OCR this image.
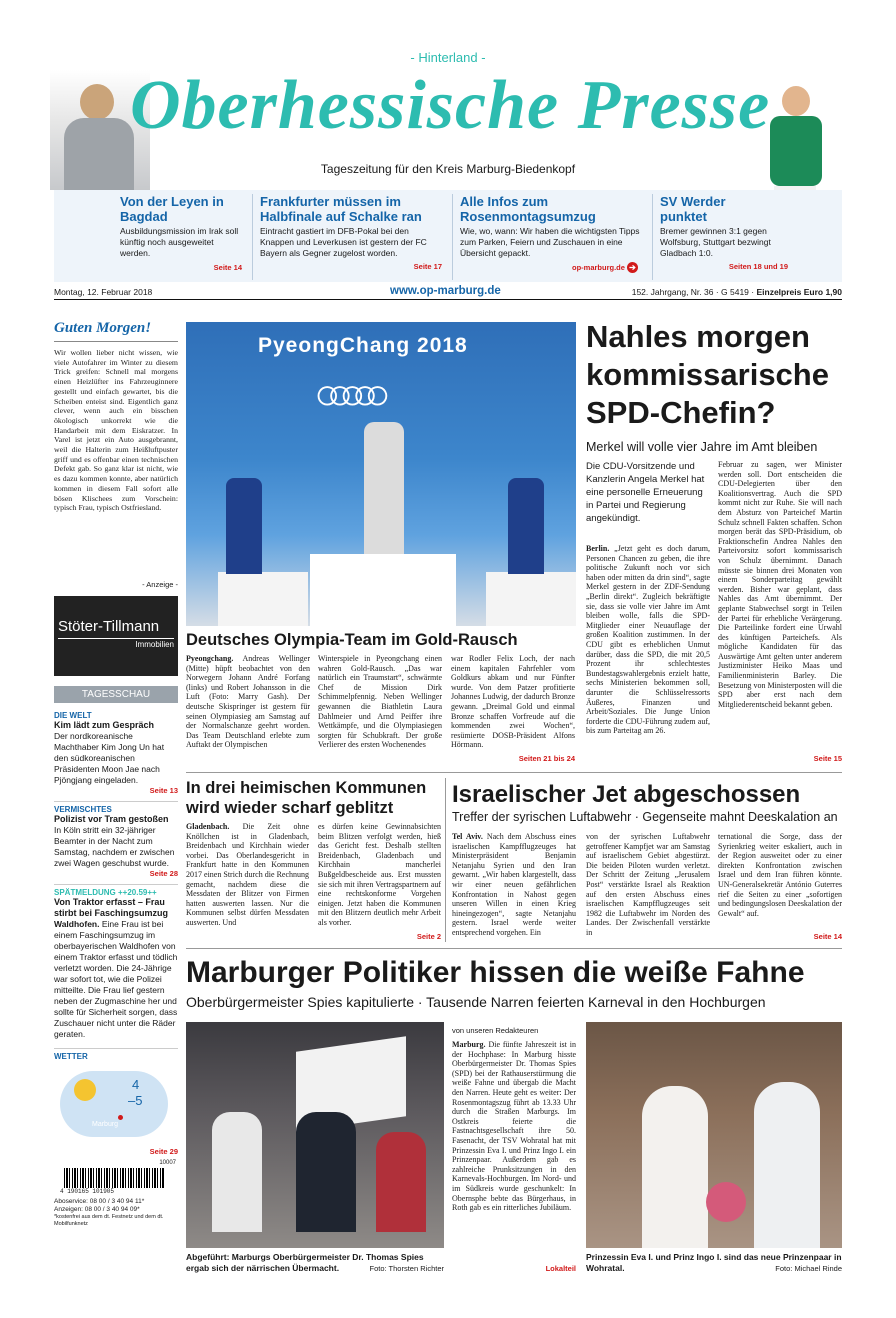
- Hinterland -
Oberhessische Presse
Tageszeitung für den Kreis Marburg-Biedenkopf
Von der Leyen in Bagdad
Ausbildungsmission im Irak soll künftig noch ausgeweitet werden.
Seite 14
Frankfurter müssen im Halbfinale auf Schalke ran
Eintracht gastiert im DFB-Pokal bei den Knappen und Leverkusen ist gestern der FC Bayern als Gegner zugelost worden.
Seite 17
Alle Infos zum Rosenmontagsumzug
Wie, wo, wann: Wir haben die wichtigsten Tipps zum Parken, Feiern und Zuschauen in eine Übersicht gepackt.
op-marburg.de ➔
SV Werder punktet
Bremer gewinnen 3:1 gegen Wolfsburg, Stuttgart bezwingt Gladbach 1:0.
Seiten 18 und 19
Montag, 12. Februar 2018	www.op-marburg.de	152. Jahrgang, Nr. 36 · G 5419 · Einzelpreis Euro 1,90
Guten Morgen!
Wir wollen lieber nicht wissen, wie viele Autofahrer im Winter zu diesem Trick greifen: Schnell mal morgens einen Heizlüfter ins Fahrzeuginnere gestellt und einfach gewartet, bis die Scheiben enteist sind. Eigentlich ganz clever, wenn auch ein bisschen ökologisch unkorrekt wie die Handarbeit mit dem Eiskratzer. In Varel ist jetzt ein Auto ausgebrannt, weil die Halterin zum Heißluftpuster griff und es offenbar einen technischen Defekt gab. So ganz klar ist nicht, wie es dazu kommen konnte, aber natürlich kommen in diesem Fall sofort alle bösen Klischees zum Vorschein: typisch Frau, typisch Ostfriesland.
- Anzeige -
Stöter-Tillmann
Immobilien
TAGESSCHAU
DIE WELT
Kim lädt zum Gespräch
Der nordkoreanische Machthaber Kim Jong Un hat den südkoreanischen Präsidenten Moon Jae nach Pjöngjang eingeladen.
Seite 13
VERMISCHTES
Polizist vor Tram gestoßen
In Köln stritt ein 32-jähriger Beamter in der Nacht zum Samstag, nachdem er zwischen zwei Wagen geschubst wurde.
Seite 28
SPÄTMELDUNG ++20.59++
Von Traktor erfasst – Frau stirbt bei Faschingsumzug
Waldhofen. Eine Frau ist bei einem Faschingsumzug im oberbayerischen Waldhofen von einem Traktor erfasst und tödlich verletzt worden. Die 24-Jährige war sofort tot, wie die Polizei mitteilte. Die Frau lief gestern neben der Zugmaschine her und sollte für Sicherheit sorgen, dass Zuschauer nicht unter die Räder geraten.
WETTER
4
–5
Marburg
Seite 29
10007
4 190165 101905
Aboservice: 08 00 / 3 40 94 11*
Anzeigen: 08 00 / 3 40 94 09*
*kostenfrei aus dem dt. Festnetz und dem dt. Mobilfunknetz
PyeongChang 2018
○○○○○
Deutsches Olympia-Team im Gold-Rausch
Pyeongchang. Andreas Wellinger (Mitte) hüpft beobachtet von den Norwegern Johann André Forfang (links) und Robert Johansson in die Luft (Foto: Marry Gash). Der deutsche Skispringer ist gestern für seinen Olympiasieg am Samstag auf der Normalschanze geehrt worden. Das Team Deutschland erlebte zum Auftakt der Olympischen
Winterspiele in Pyeongchang einen wahren Gold-Rausch. „Das war natürlich ein Traumstart“, schwärmte Chef de Mission Dirk Schimmelpfennig. Neben Wellinger gewannen die Biathletin Laura Dahlmeier und Arnd Peiffer ihre Wettkämpfe, und die Olympiasiegen sorgten für Schubkraft. Der große Verlierer des ersten Wochenendes
war Rodler Felix Loch, der nach einem kapitalen Fahrfehler vom Goldkurs abkam und nur Fünfter wurde. Von dem Patzer profitierte Johannes Ludwig, der dadurch Bronze gewann. „Dreimal Gold und einmal Bronze schaffen Vorfreude auf die kommenden zwei Wochen“, resümierte DOSB-Präsident Alfons Hörmann.
Seiten 21 bis 24
Nahles morgen kommissarische SPD-Chefin?
Merkel will volle vier Jahre im Amt bleiben
Die CDU-Vorsitzende und Kanzlerin Angela Merkel hat eine personelle Erneuerung in Partei und Regierung angekündigt.
Berlin. „Jetzt geht es doch darum, Personen Chancen zu geben, die ihre politische Zukunft noch vor sich haben oder mitten da drin sind“, sagte Merkel gestern in der ZDF-Sendung „Berlin direkt“. Zugleich bekräftigte sie, dass sie volle vier Jahre im Amt bleiben wolle, falls die SPD-Mitglieder einer Neuauflage der großen Koalition zustimmen. In der CDU gibt es erheblichen Unmut darüber, dass die SPD, die mit 20,5 Prozent ihr schlechtestes Bundestagswahlergebnis erzielt hatte, sechs Ministerien bekommen soll, darunter die Schlüsselressorts Äußeres, Finanzen und Arbeit/Soziales. Die Junge Union forderte die CDU-Führung zudem auf, bis zum Parteitag am 26.
Februar zu sagen, wer Minister werden soll. Dort entscheiden die CDU-Delegierten über den Koalitionsvertrag. Auch die SPD kommt nicht zur Ruhe. Sie will nach dem Absturz von Parteichef Martin Schulz schnell Fakten schaffen. Schon morgen berät das SPD-Präsidium, ob Fraktionschefin Andrea Nahles den Parteivorsitz sofort kommissarisch von Schulz übernimmt. Danach müsste sie binnen drei Monaten von einem Sonderparteitag gewählt werden. Bisher war geplant, dass Nahles das Amt übernimmt. Der geplante Stabwechsel sorgt in Teilen der Partei für erhebliche Verärgerung. Die Parteilinke fordert eine Urwahl des künftigen Parteichefs. Als mögliche Kandidaten für das Auswärtige Amt gelten unter anderem Justizminister Heiko Maas und Familienministerin Barley. Die Besetzung von Ministerposten will die SPD aber erst nach dem Mitgliederentscheid bekannt geben.
Seite 15
In drei heimischen Kommunen wird wieder scharf geblitzt
Gladenbach. Die Zeit ohne Knöllchen ist in Gladenbach, Breidenbach und Kirchhain wieder vorbei. Das Oberlandesgericht in Frankfurt hatte in den Kommunen 2017 einen Strich durch die Rechnung gemacht, nachdem diese die Messdaten der Blitzer von Firmen hatten auswerten lassen. Nur die Kommunen selbst dürfen Messdaten auswerten. Und
es dürfen keine Gewinnabsichten beim Blitzen verfolgt werden, hieß das Gericht fest. Deshalb stellten Breidenbach, Gladenbach und Kirchhain mancherlei Bußgeldbescheide aus. Erst mussten sie sich mit ihren Vertragspartnern auf eine rechtskonforme Vorgehen einigen. Jetzt haben die Kommunen mit den Blitzern deutlich mehr Arbeit als vorher.
Seite 2
Israelischer Jet abgeschossen
Treffer der syrischen Luftabwehr · Gegenseite mahnt Deeskalation an
Tel Aviv. Nach dem Abschuss eines israelischen Kampfflugzeuges hat Ministerpräsident Benjamin Netanjahu Syrien und den Iran gewarnt. „Wir haben klargestellt, dass wir einer neuen gefährlichen Konfrontation in Nahost gegen unseren Willen in einen Krieg hineingezogen“, sagte Netanjahu gestern. Israel werde weiter entsprechend vorgehen. Ein
von der syrischen Luftabwehr getroffener Kampfjet war am Samstag auf israelischem Gebiet abgestürzt. Die beiden Piloten wurden verletzt. Der Schritt der Zeitung „Jerusalem Post“ verstärkte Israel als Reaktion auf den ersten Abschuss eines israelischen Kampfflugzeuges seit 1982 die Luftabwehr im Norden des Landes. Der Zwischenfall verstärkte in
ternational die Sorge, dass der Syrienkrieg weiter eskaliert, auch in der Region ausweitet oder zu einer direkten Konfrontation zwischen Israel und dem Iran führen könnte. UN-Generalsekretär António Guterres rief die Seiten zu einer „sofortigen und bedingungslosen Deeskalation der Gewalt“ auf.
Seite 14
Marburger Politiker hissen die weiße Fahne
Oberbürgermeister Spies kapitulierte · Tausende Narren feierten Karneval in den Hochburgen
Abgeführt: Marburgs Oberbürgermeister Dr. Thomas Spies ergab sich der närrischen Übermacht.	Foto: Thorsten Richter
von unseren Redakteuren
Marburg. Die fünfte Jahreszeit ist in der Hochphase: In Marburg hisste Oberbürgermeister Dr. Thomas Spies (SPD) bei der Rathauserstürmung die weiße Fahne und übergab die Macht den Narren. Heute geht es weiter: Der Rosenmontagszug führt ab 13.33 Uhr durch die Straßen Marburgs. Im Ostkreis feierte die Fastnachtsgesellschaft ihre 50. Fasenacht, der TSV Wohratal hat mit Prinzessin Eva I. und Prinz Ingo I. ein Prinzenpaar. Außerdem gab es zahlreiche Prunksitzungen in den Karnevals-Hochburgen. Im Nord- und im Südkreis wurde geschunkelt: In Obernsphe bebte das Bürgerhaus, in Roth gab es ein ritterliches Jubiläum.
Lokalteil
Prinzessin Eva I. und Prinz Ingo I. sind das neue Prinzenpaar in Wohratal.	Foto: Michael Rinde
